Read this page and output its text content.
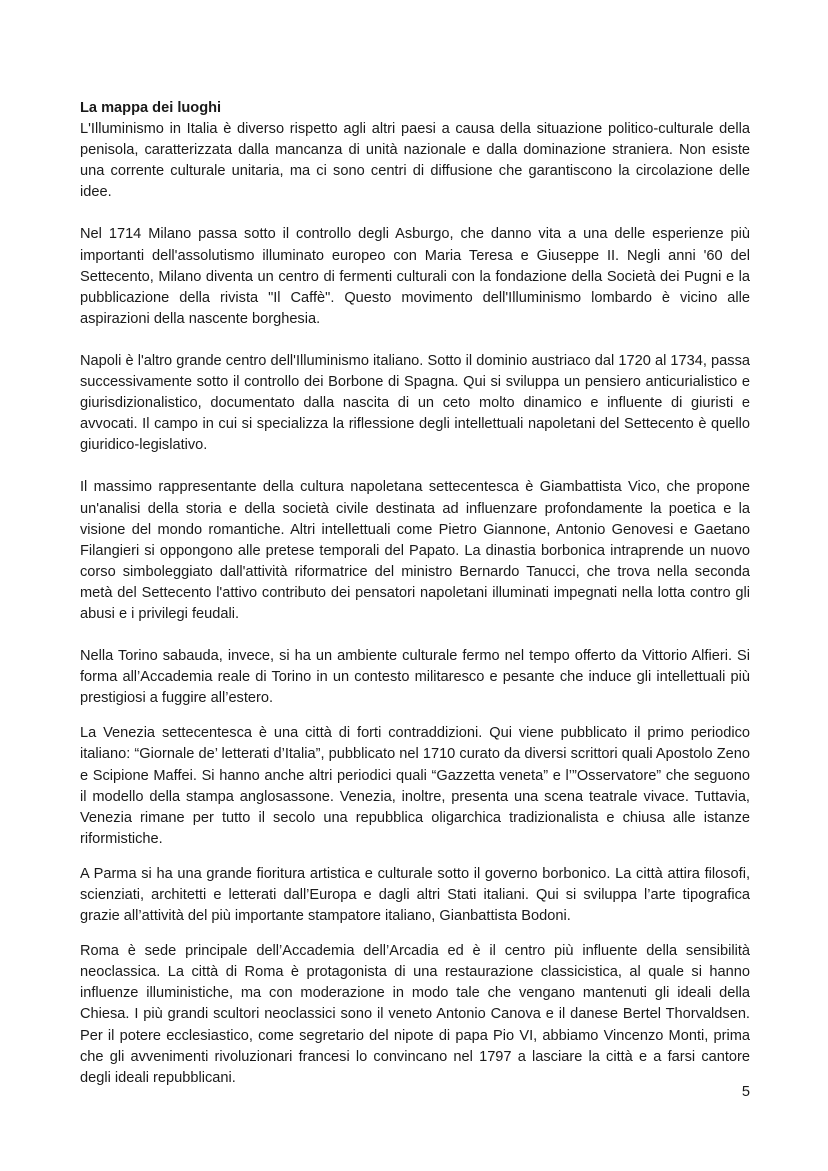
La mappa dei luoghi

L'Illuminismo in Italia è diverso rispetto agli altri paesi a causa della situazione politico-culturale della penisola, caratterizzata dalla mancanza di unità nazionale e dalla dominazione straniera. Non esiste una corrente culturale unitaria, ma ci sono centri di diffusione che garantiscono la circolazione delle idee.

Nel 1714 Milano passa sotto il controllo degli Asburgo, che danno vita a una delle esperienze più importanti dell'assolutismo illuminato europeo con Maria Teresa e Giuseppe II. Negli anni '60 del Settecento, Milano diventa un centro di fermenti culturali con la fondazione della Società dei Pugni e la pubblicazione della rivista "Il Caffè". Questo movimento dell'Illuminismo lombardo è vicino alle aspirazioni della nascente borghesia.

Napoli è l'altro grande centro dell'Illuminismo italiano. Sotto il dominio austriaco dal 1720 al 1734, passa successivamente sotto il controllo dei Borbone di Spagna. Qui si sviluppa un pensiero anticurialistico e giurisdizionalistico, documentato dalla nascita di un ceto molto dinamico e influente di giuristi e avvocati. Il campo in cui si specializza la riflessione degli intellettuali napoletani del Settecento è quello giuridico-legislativo.

Il massimo rappresentante della cultura napoletana settecentesca è Giambattista Vico, che propone un'analisi della storia e della società civile destinata ad influenzare profondamente la poetica e la visione del mondo romantiche. Altri intellettuali come Pietro Giannone, Antonio Genovesi e Gaetano Filangieri si oppongono alle pretese temporali del Papato. La dinastia borbonica intraprende un nuovo corso simboleggiato dall'attività riformatrice del ministro Bernardo Tanucci, che trova nella seconda metà del Settecento l'attivo contributo dei pensatori napoletani illuminati impegnati nella lotta contro gli abusi e i privilegi feudali.

Nella Torino sabauda, invece, si ha un ambiente culturale fermo nel tempo offerto da Vittorio Alfieri. Si forma all’Accademia reale di Torino in un contesto militaresco e pesante che induce gli intellettuali più prestigiosi a fuggire all’estero.

La Venezia settecentesca è una città di forti contraddizioni. Qui viene pubblicato il primo periodico italiano: “Giornale de’ letterati d’Italia”, pubblicato nel 1710 curato da diversi scrittori quali Apostolo Zeno e Scipione Maffei. Si hanno anche altri periodici quali “Gazzetta veneta” e l’”Osservatore” che seguono il modello della stampa anglosassone. Venezia, inoltre, presenta una scena teatrale vivace. Tuttavia, Venezia rimane per tutto il secolo una repubblica oligarchica tradizionalista e chiusa alle istanze riformistiche.

A Parma si ha una grande fioritura artistica e culturale sotto il governo borbonico. La città attira filosofi, scienziati, architetti e letterati dall’Europa e dagli altri Stati italiani. Qui si sviluppa l’arte tipografica grazie all’attività del più importante stampatore italiano, Gianbattista Bodoni.

Roma è sede principale dell’Accademia dell’Arcadia ed è il centro più influente della sensibilità neoclassica. La città di Roma è protagonista di una restaurazione classicistica, al quale si hanno influenze illuministiche, ma con moderazione in modo tale che vengano mantenuti gli ideali della Chiesa. I più grandi scultori neoclassici sono il veneto Antonio Canova e il danese Bertel Thorvaldsen. Per il potere ecclesiastico, come segretario del nipote di papa Pio VI, abbiamo Vincenzo Monti, prima che gli avvenimenti rivoluzionari francesi lo convincano nel 1797 a lasciare la città e a farsi cantore degli ideali repubblicani.

5
